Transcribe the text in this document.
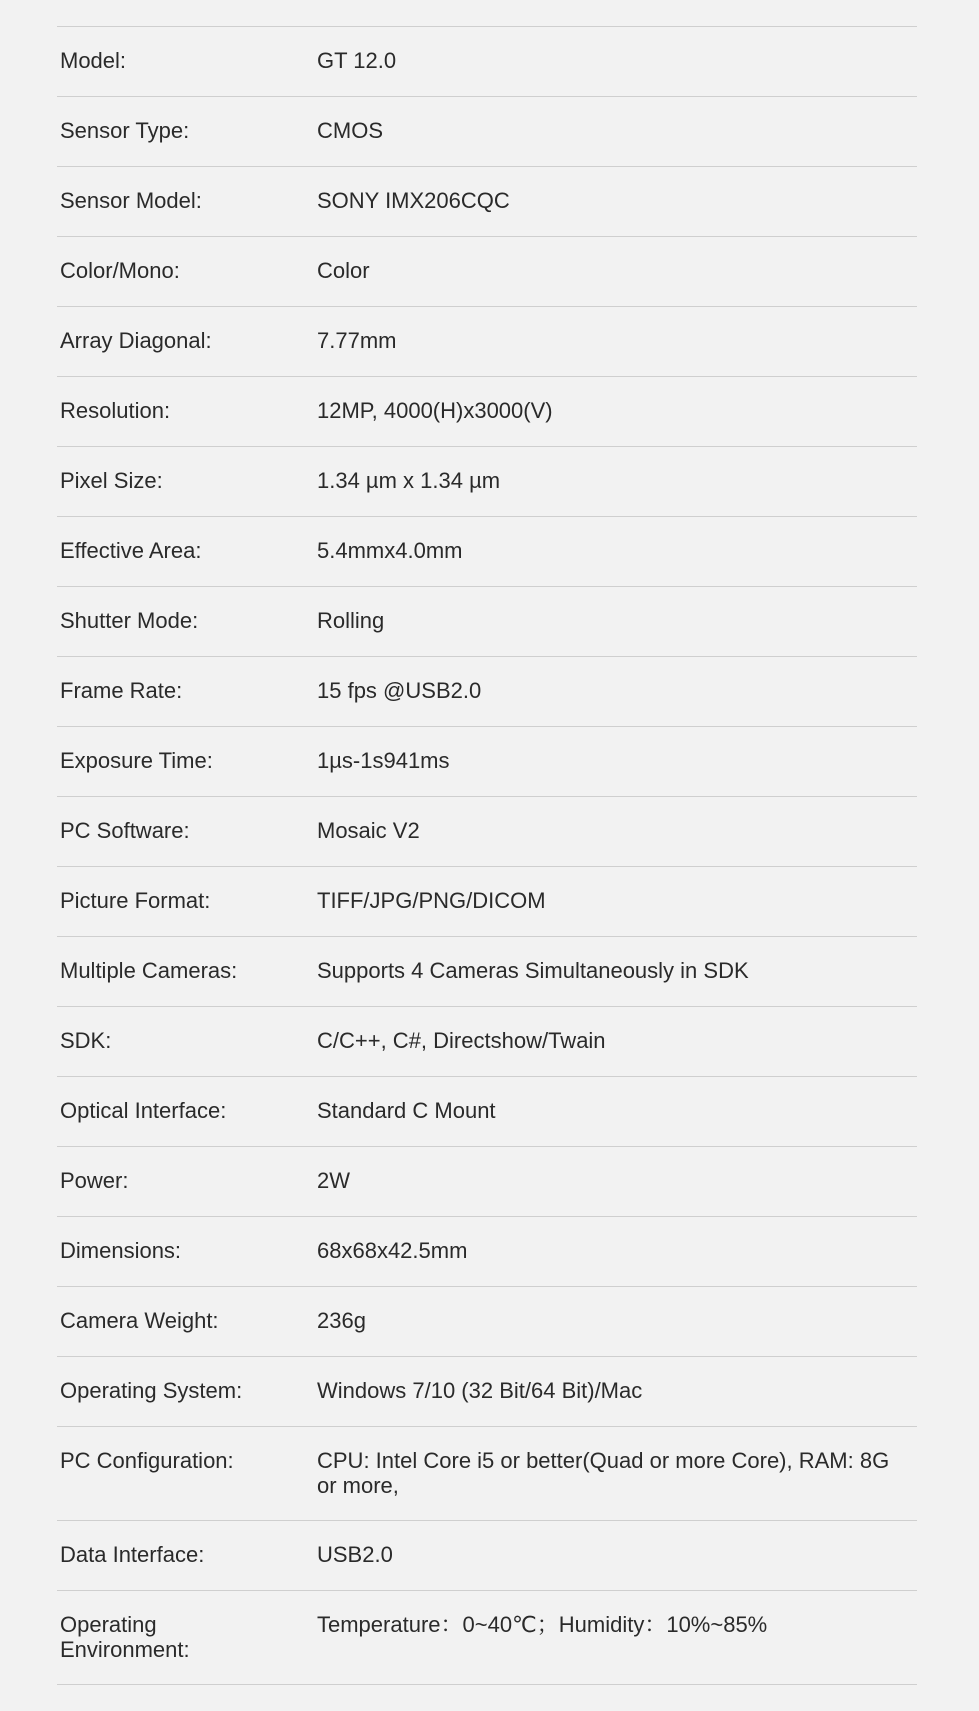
Model:	GT 12.0
Sensor Type:	CMOS
Sensor Model:	SONY IMX206CQC
Color/Mono:	Color
Array Diagonal:	7.77mm
Resolution:	12MP, 4000(H)x3000(V)
Pixel Size:	1.34 µm x 1.34 µm
Effective Area:	5.4mmx4.0mm
Shutter Mode:	Rolling
Frame Rate:	15 fps @USB2.0
Exposure Time:	1µs-1s941ms
PC Software:	Mosaic V2
Picture Format:	TIFF/JPG/PNG/DICOM
Multiple Cameras:	Supports 4 Cameras Simultaneously in SDK
SDK:	C/C++, C#, Directshow/Twain
Optical Interface:	Standard C Mount
Power:	2W
Dimensions:	68x68x42.5mm
Camera Weight:	236g
Operating System:	Windows 7/10 (32 Bit/64 Bit)/Mac
PC Configuration:	CPU: Intel Core i5 or better(Quad or more Core), RAM: 8G or more,
Data Interface:	USB2.0
Operating Environment:
Temperature：0~40℃；Humidity：10%~85%
